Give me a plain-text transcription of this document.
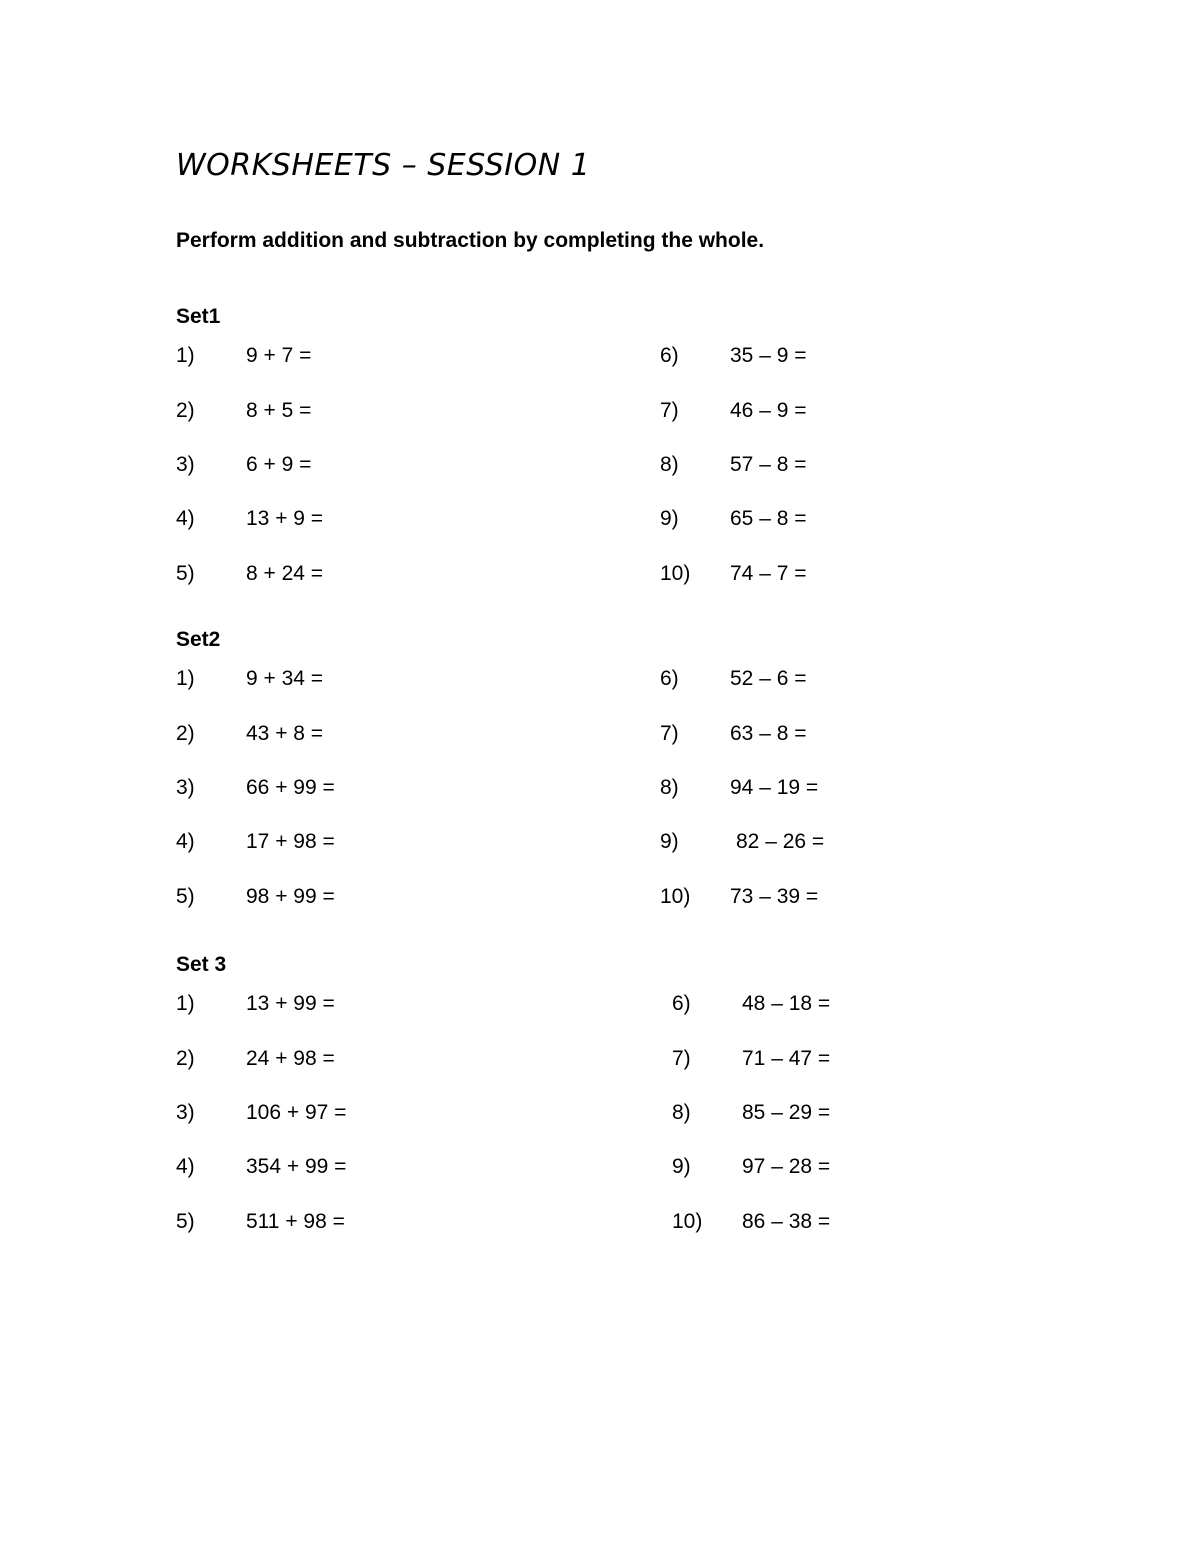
WORKSHEETS – SESSION 1
Perform addition and subtraction by completing the whole.
Set1
1) 9 + 7 =
2) 8 + 5 =
3) 6 + 9 =
4) 13 + 9 =
5) 8 + 24 =
6) 35 – 9 =
7) 46 – 9 =
8) 57 – 8 =
9) 65 – 8 =
10) 74 – 7 =
Set2
1) 9 + 34 =
2) 43 + 8 =
3) 66 + 99 =
4) 17 + 98 =
5) 98 + 99 =
6) 52 – 6 =
7) 63 – 8 =
8) 94 – 19 =
9)	82 – 26 =
10) 73 – 39 =
Set 3
1) 13 + 99 =
2) 24 + 98 =
3) 106 + 97 =
4) 354 + 99 =
5) 511 + 98 =
6) 48 – 18 =
7) 71 – 47 =
8) 85 – 29 =
9) 97 – 28 =
10) 86 – 38 =
